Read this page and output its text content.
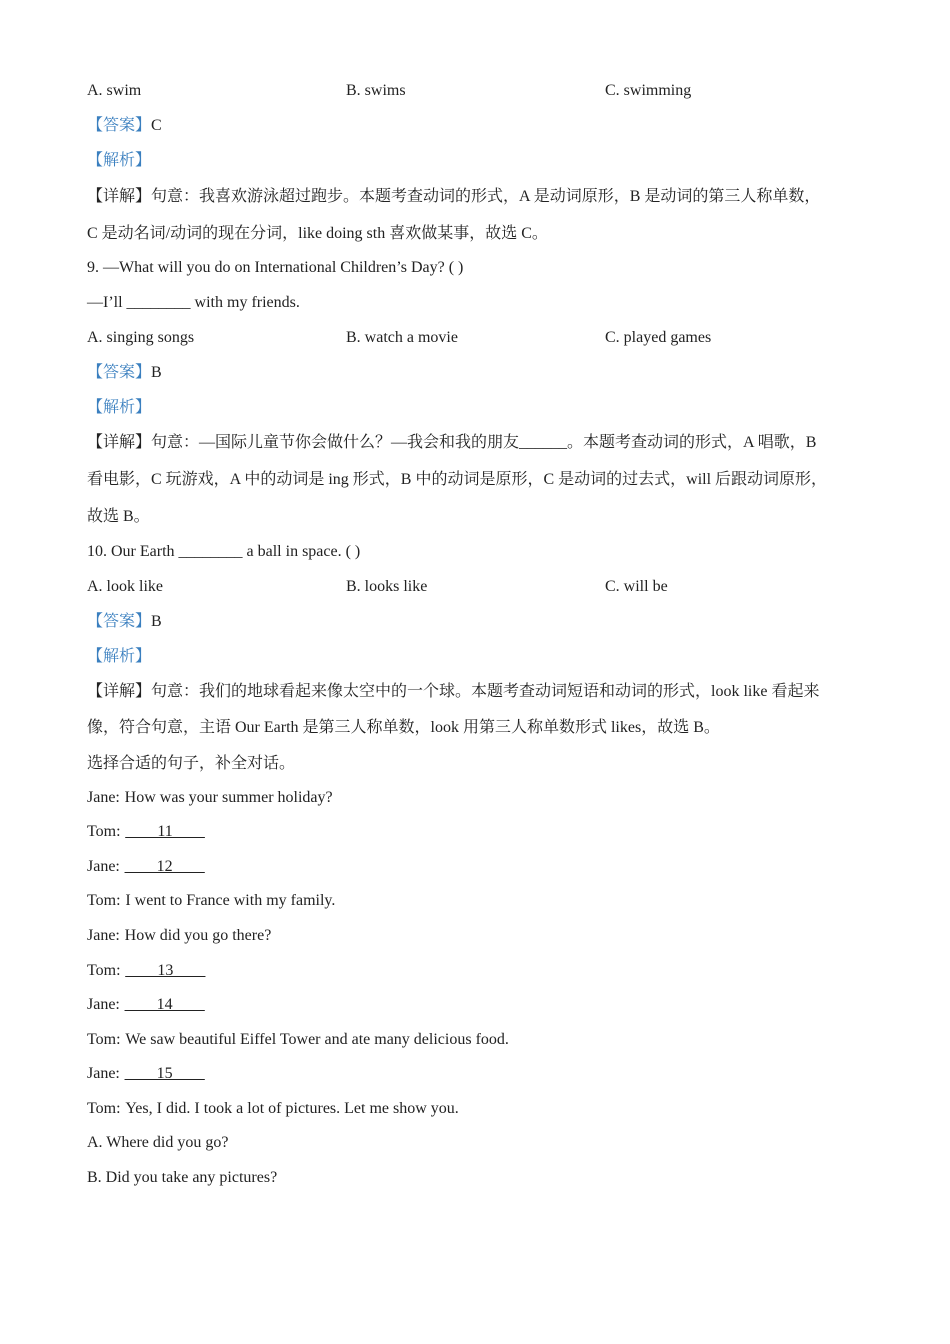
A. swim	B. swims	C. swimming
【答案】C
【解析】
【详解】句意：我喜欢游泳超过跑步。本题考查动词的形式，A 是动词原形，B 是动词的第三人称单数，
C 是动名词/动词的现在分词，like doing sth 喜欢做某事，故选 C。
9. —What will you do on International Children’s Day? ( )
—I’ll ________ with my friends.
A. singing songs	B. watch a movie	C. played games
【答案】B
【解析】
【详解】句意：—国际儿童节你会做什么？—我会和我的朋友______。本题考查动词的形式，A 唱歌，B
看电影，C 玩游戏，A 中的动词是 ing 形式，B 中的动词是原形，C 是动词的过去式，will 后跟动词原形，
故选 B。
10. Our Earth ________ a ball in space. ( )
A. look like	B. looks like	C. will be
【答案】B
【解析】
【详解】句意：我们的地球看起来像太空中的一个球。本题考查动词短语和动词的形式，look like 看起来
像，符合句意，主语 Our Earth 是第三人称单数，look 用第三人称单数形式 likes，故选 B。
选择合适的句子，补全对话。
Jane: How was your summer holiday?
Tom: ____11____
Jane: ____12____
Tom: I went to France with my family.
Jane: How did you go there?
Tom: ____13____
Jane: ____14____
Tom: We saw beautiful Eiffel Tower and ate many delicious food.
Jane: ____15____
Tom: Yes, I did. I took a lot of pictures. Let me show you.
A. Where did you go?
B. Did you take any pictures?
